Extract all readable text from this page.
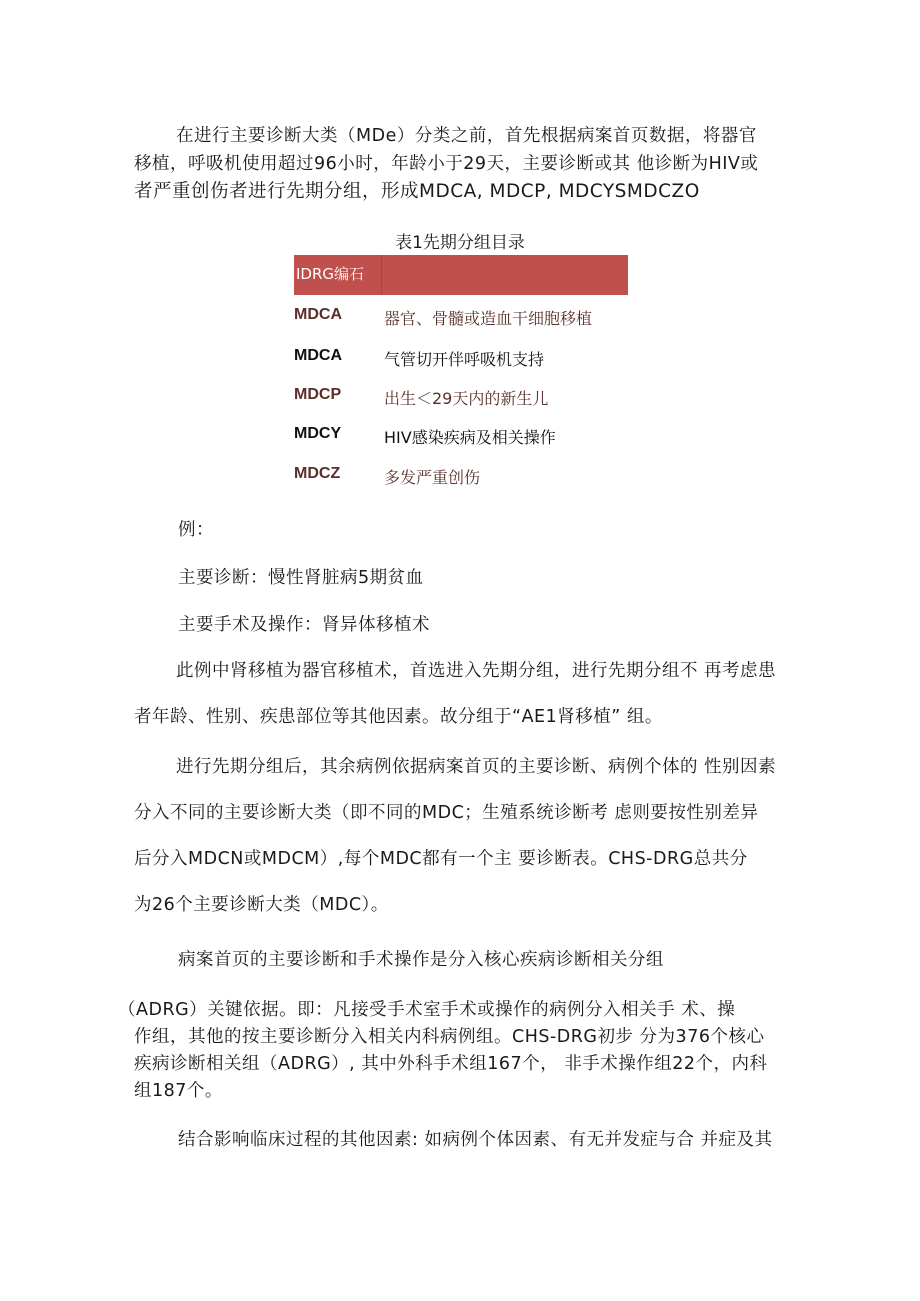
在进行主要诊断大类（MDe）分类之前，首先根据病案首页数据，将器官
移植，呼吸机使用超过96小时，年龄小于29天，主要诊断或其 他诊断为HIV或
者严重创伤者进行先期分组，形成MDCA, MDCP, MDCYSMDCZO

表1先期分组目录

IDRG编石
MDCA	器官、骨髓或造血干细胞移植
MDCA	气管切开伴呼吸机支持
MDCP	出生＜29天内的新生儿
MDCY	HIV感染疾病及相关操作
MDCZ	多发严重创伤

例：

主要诊断：慢性肾脏病5期贫血

主要手术及操作：肾异体移植术

此例中肾移植为器官移植术，首选进入先期分组，进行先期分组不 再考虑患
者年龄、性别、疾患部位等其他因素。故分组于“AE1肾移植” 组。
进行先期分组后，其余病例依据病案首页的主要诊断、病例个体的 性别因素
分入不同的主要诊断大类（即不同的MDC；生殖系统诊断考 虑则要按性别差异
后分入MDCN或MDCM）,每个MDC都有一个主 要诊断表。CHS-DRG总共分
为26个主要诊断大类（MDC）。

病案首页的主要诊断和手术操作是分入核心疾病诊断相关分组

（ADRG）关键依据。即：凡接受手术室手术或操作的病例分入相关手 术、操
作组，其他的按主要诊断分入相关内科病例组。CHS-DRG初步 分为376个核心
疾病诊断相关组（ADRG）, 其中外科手术组167个， 非手术操作组22个，内科
组187个。

结合影响临床过程的其他因素: 如病例个体因素、有无并发症与合 并症及其
